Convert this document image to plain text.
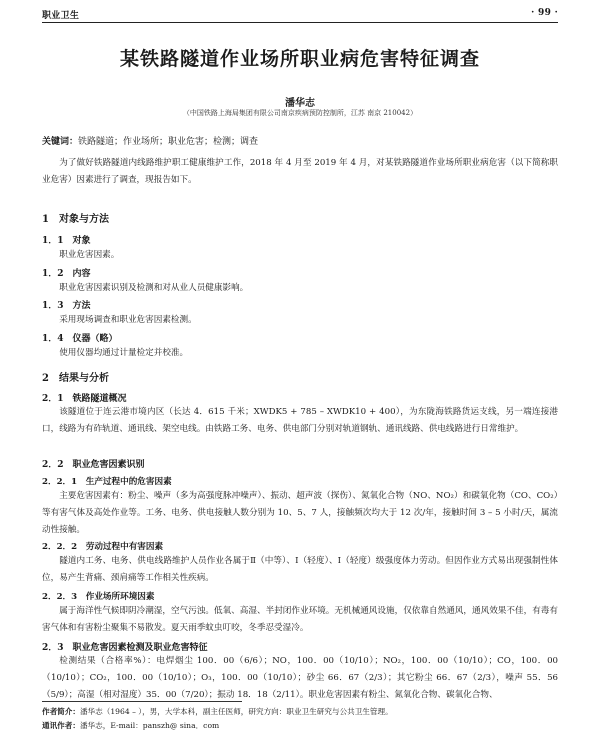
职业卫生	· 99 ·
某铁路隧道作业场所职业病危害特征调查
潘华志
（中国铁路上海局集团有限公司南京疾病预防控制所，江苏 南京 210042）
关键词：铁路隧道；作业场所；职业危害；检测；调查
为了做好铁路隧道内线路维护职工健康维护工作，2018 年 4 月至 2019 年 4 月，对某铁路隧道作业场所职业病危害（以下简称职业危害）因素进行了调查，现报告如下。
1　对象与方法
1．1　对象
职业危害因素。
1．2　内容
职业危害因素识别及检测和对从业人员健康影响。
1．3　方法
采用现场调查和职业危害因素检测。
1．4　仪器（略）
使用仪器均通过计量检定并校准。
2　结果与分析
2．1　铁路隧道概况
该隧道位于连云港市境内区（长达 4．615 千米；XWDK5 + 785 – XWDK10 + 400），为东陇海铁路货运支线，另一端连接港口，线路为有砟轨道、通讯线、架空电线。由铁路工务、电务、供电部门分别对轨道钢轨、通讯线路、供电线路进行日常维护。
2．2　职业危害因素识别
2．2．1　生产过程中的危害因素
主要危害因素有：粉尘、噪声（多为高强度脉冲噪声）、振动、超声波（探伤）、氮氧化合物（NO、NO₂）和碳氧化物（CO、CO₂）等有害气体及高处作业等。工务、电务、供电接触人数分别为 10、5、7 人，接触频次均大于 12 次/年，接触时间 3 – 5 小时/天，属流动性接触。
2．2．2　劳动过程中有害因素
隧道内工务、电务、供电线路维护人员作业各属于Ⅱ（中等）、Ⅰ（轻度）、Ⅰ（轻度）级强度体力劳动。但因作业方式易出现强制性体位，易产生背痛、颈肩痛等工作相关性疾病。
2．2．3　作业场所环境因素
属于海洋性气候即阴冷潮湿，空气污浊。低氧、高湿、半封闭作业环境。无机械通风设施，仅依靠自然通风，通风效果不佳，有毒有害气体和有害粉尘聚集不易散发。夏天雨季蚊虫叮咬，冬季忍受湿冷。
2．3　职业危害因素检测及职业危害特征
检测结果（合格率%）：电焊烟尘 100．00（6/6）；NO，100．00（10/10）；NO₂，100．00（10/10）；CO，100．00（10/10）；CO₂，100．00（10/10）；O₃，100．00（10/10）；砂尘 66．67（2/3）；其它粉尘 66．67（2/3），噪声 55．56（5/9）；高湿（相对湿度）35．00（7/20）；振动 18．18（2/11）。职业危害因素有粉尘、氮氧化合物、碳氧化合物、
作者简介：潘华志（1964 – ），男，大学本科，副主任医师，研究方向：职业卫生研究与公共卫生管理。
通讯作者：潘华志，E-mail：panszh@ sina．com
